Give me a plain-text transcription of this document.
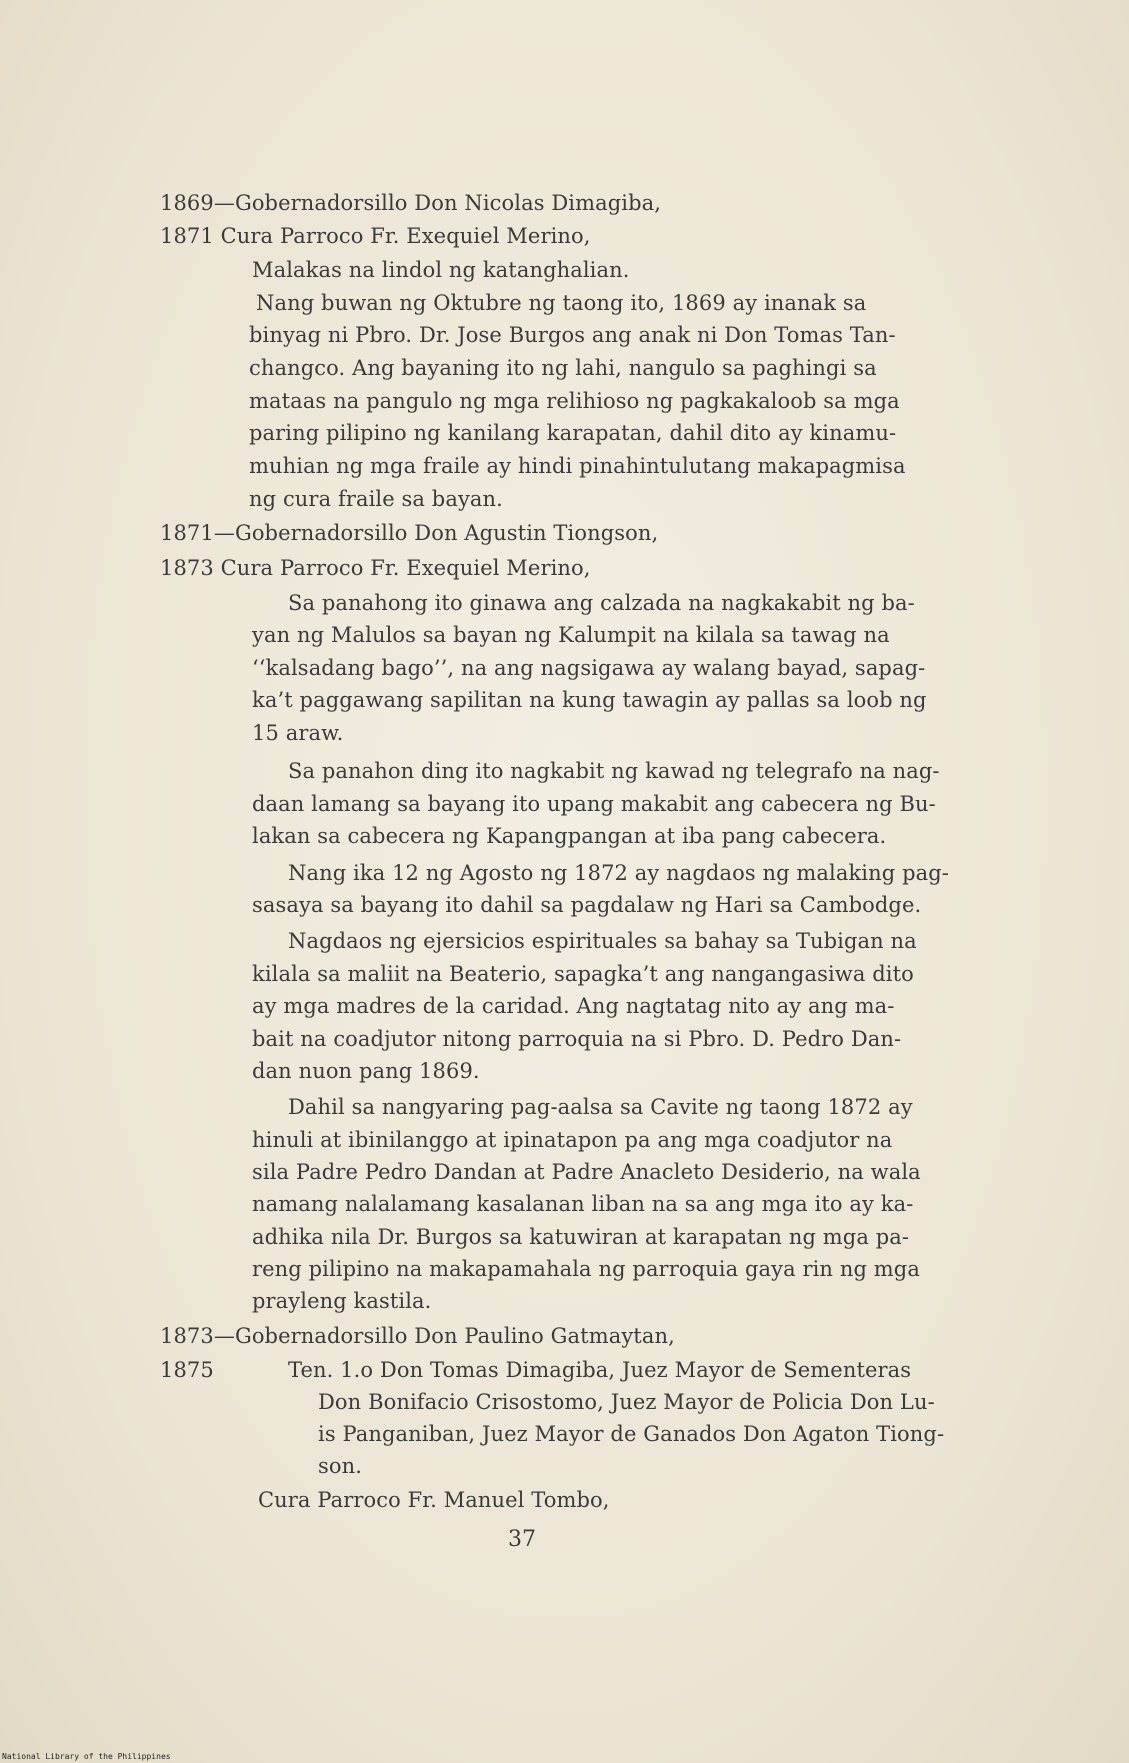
1869—Gobernadorsillo Don Nicolas Dimagiba,
1871 Cura Parroco Fr. Exequiel Merino,
Malakas na lindol ng katanghalian.
Nang buwan ng Oktubre ng taong ito, 1869 ay inanak sa
binyag ni Pbro. Dr. Jose Burgos ang anak ni Don Tomas Tan-
changco. Ang bayaning ito ng lahi, nangulo sa paghingi sa
mataas na pangulo ng mga relihioso ng pagkakaloob sa mga
paring pilipino ng kanilang karapatan, dahil dito ay kinamu-
muhian ng mga fraile ay hindi pinahintulutang makapagmisa
ng cura fraile sa bayan.
1871—Gobernadorsillo Don Agustin Tiongson,
1873 Cura Parroco Fr. Exequiel Merino,
Sa panahong ito ginawa ang calzada na nagkakabit ng ba-
yan ng Malulos sa bayan ng Kalumpit na kilala sa tawag na
‘‘kalsadang bago’’, na ang nagsigawa ay walang bayad, sapag-
ka’t paggawang sapilitan na kung tawagin ay pallas sa loob ng
15 araw.
Sa panahon ding ito nagkabit ng kawad ng telegrafo na nag-
daan lamang sa bayang ito upang makabit ang cabecera ng Bu-
lakan sa cabecera ng Kapangpangan at iba pang cabecera.
Nang ika 12 ng Agosto ng 1872 ay nagdaos ng malaking pag-
sasaya sa bayang ito dahil sa pagdalaw ng Hari sa Cambodge.
Nagdaos ng ejersicios espirituales sa bahay sa Tubigan na
kilala sa maliit na Beaterio, sapagka’t ang nangangasiwa dito
ay mga madres de la caridad. Ang nagtatag nito ay ang ma-
bait na coadjutor nitong parroquia na si Pbro. D. Pedro Dan-
dan nuon pang 1869.
Dahil sa nangyaring pag-aalsa sa Cavite ng taong 1872 ay
hinuli at ibinilanggo at ipinatapon pa ang mga coadjutor na
sila Padre Pedro Dandan at Padre Anacleto Desiderio, na wala
namang nalalamang kasalanan liban na sa ang mga ito ay ka-
adhika nila Dr. Burgos sa katuwiran at karapatan ng mga pa-
reng pilipino na makapamahala ng parroquia gaya rin ng mga
prayleng kastila.
1873—Gobernadorsillo Don Paulino Gatmaytan,
1875	Ten. 1.o Don Tomas Dimagiba, Juez Mayor de Sementeras
Don Bonifacio Crisostomo, Juez Mayor de Policia Don Lu-
is Panganiban, Juez Mayor de Ganados Don Agaton Tiong-
son.
Cura Parroco Fr. Manuel Tombo,
37
National Library of the Philippines
